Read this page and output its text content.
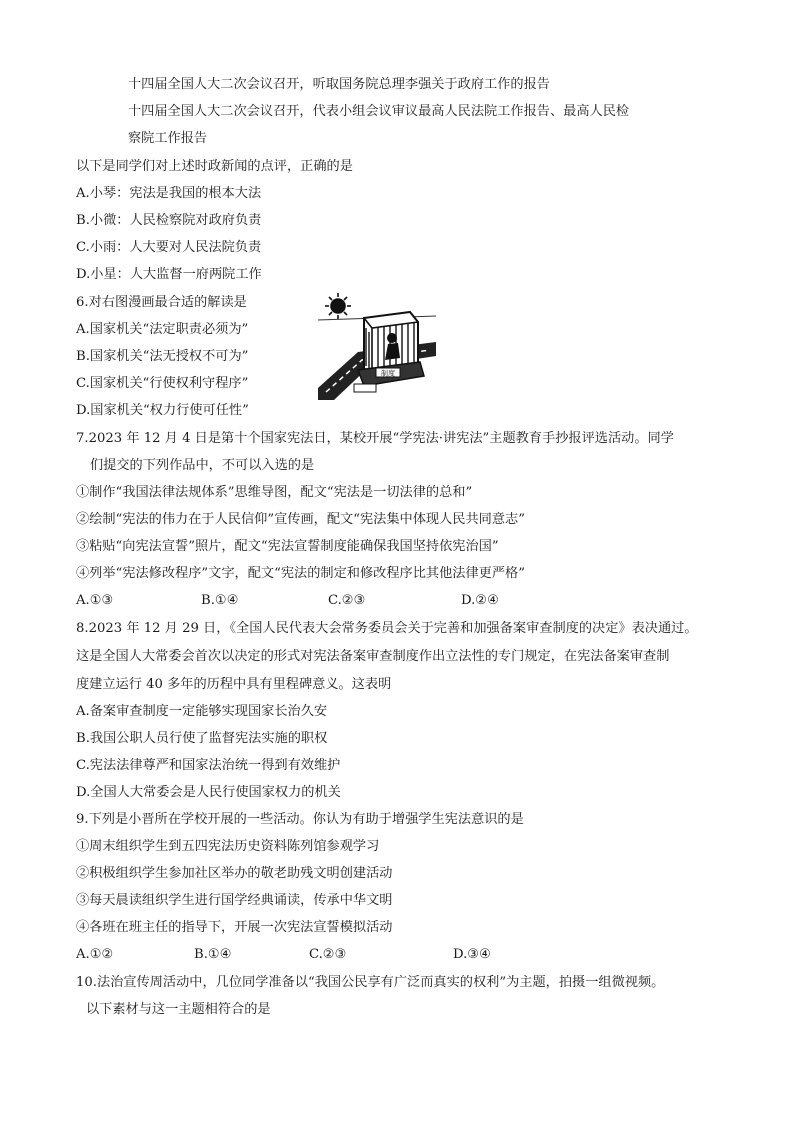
十四届全国人大二次会议召开，听取国务院总理李强关于政府工作的报告
十四届全国人大二次会议召开，代表小组会议审议最高人民法院工作报告、最高人民检
察院工作报告
以下是同学们对上述时政新闻的点评，正确的是
A.小琴：宪法是我国的根本大法
B.小微：人民检察院对政府负责
C.小雨：人大要对人民法院负责
D.小星：人大监督一府两院工作
6.对右图漫画最合适的解读是
A.国家机关“法定职责必须为”
B.国家机关“法无授权不可为”
C.国家机关“行使权利守程序”
D.国家机关“权力行使可任性”
制度
7.2023 年 12 月 4 日是第十个国家宪法日，某校开展“学宪法·讲宪法”主题教育手抄报评选活动。同学
们提交的下列作品中，不可以入选的是
①制作“我国法律法规体系”思维导图，配文“宪法是一切法律的总和”
②绘制“宪法的伟力在于人民信仰”宣传画，配文“宪法集中体现人民共同意志”
③粘贴“向宪法宣誓”照片，配文“宪法宣誓制度能确保我国坚持依宪治国”
④列举“宪法修改程序”文字，配文“宪法的制定和修改程序比其他法律更严格”
A.①③	B.①④	C.②③	D.②④
8.2023 年 12 月 29 日，《全国人民代表大会常务委员会关于完善和加强备案审查制度的决定》表决通过。
这是全国人大常委会首次以决定的形式对宪法备案审查制度作出立法性的专门规定，在宪法备案审查制
度建立运行 40 多年的历程中具有里程碑意义。这表明
A.备案审查制度一定能够实现国家长治久安
B.我国公职人员行使了监督宪法实施的职权
C.宪法法律尊严和国家法治统一得到有效维护
D.全国人大常委会是人民行使国家权力的机关
9.下列是小晋所在学校开展的一些活动。你认为有助于增强学生宪法意识的是
①周末组织学生到五四宪法历史资料陈列馆参观学习
②积极组织学生参加社区举办的敬老助残文明创建活动
③每天晨读组织学生进行国学经典诵读，传承中华文明
④各班在班主任的指导下，开展一次宪法宣誓模拟活动
A.①②	B.①④	C.②③	D.③④
10.法治宣传周活动中，几位同学准备以“我国公民享有广泛而真实的权利”为主题，拍摄一组微视频。
以下素材与这一主题相符合的是
